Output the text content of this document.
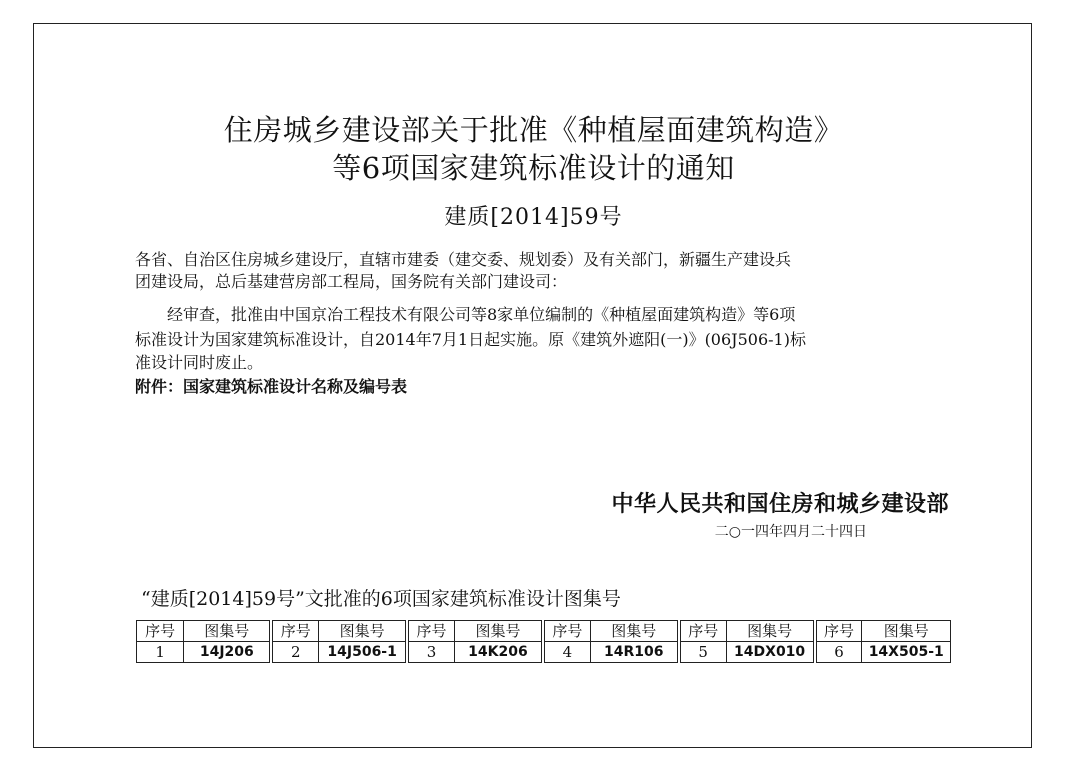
住房城乡建设部关于批准《种植屋面建筑构造》
等6项国家建筑标准设计的通知
建质[2014]59号
各省、自治区住房城乡建设厅，直辖市建委（建交委、规划委）及有关部门，新疆生产建设兵
团建设局，总后基建营房部工程局，国务院有关部门建设司：
经审查，批准由中国京冶工程技术有限公司等8家单位编制的《种植屋面建筑构造》等6项
标准设计为国家建筑标准设计，自2014年7月1日起实施。原《建筑外遮阳(一)》(06J506-1)标
准设计同时废止。
附件：国家建筑标准设计名称及编号表
中华人民共和国住房和城乡建设部
二○一四年四月二十四日
“建质[2014]59号”文批准的6项国家建筑标准设计图集号
序号	图集号	序号	图集号	序号	图集号	序号	图集号	序号	图集号	序号	图集号
1	14J206	2	14J506-1	3	14K206	4	14R106	5	14DX010	6	14X505-1
